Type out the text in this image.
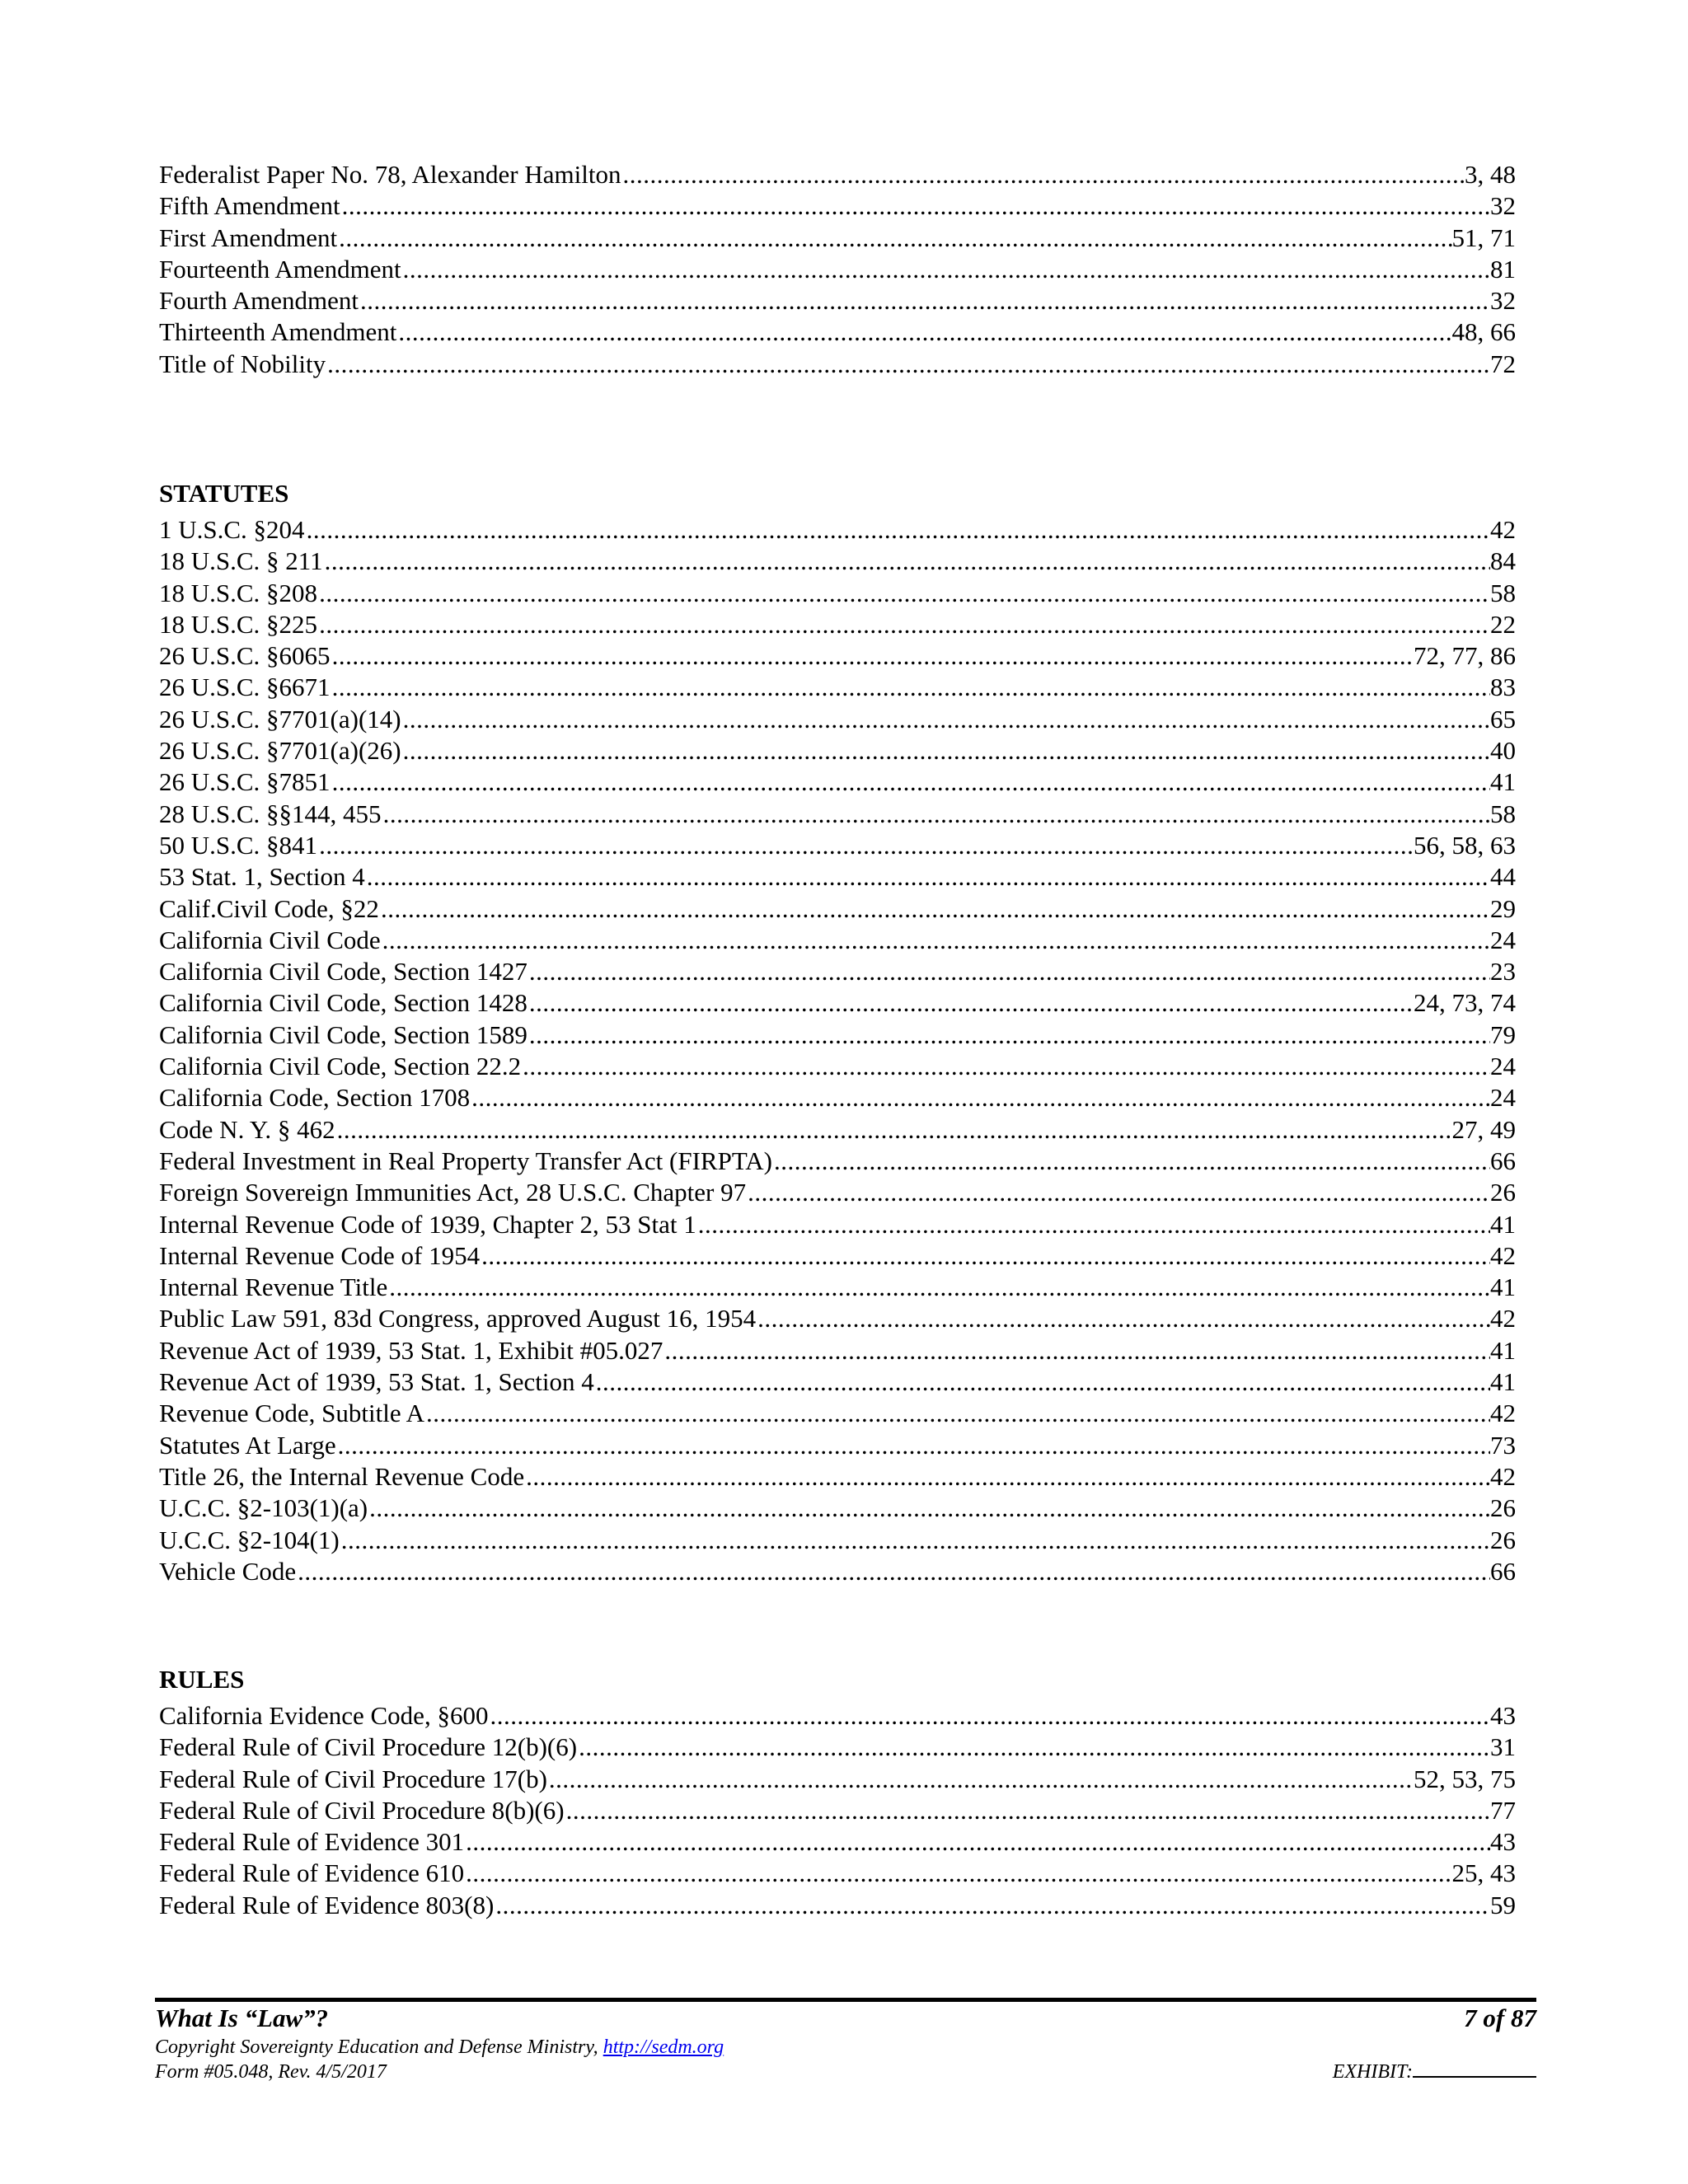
Federalist Paper No. 78, Alexander Hamilton .....	3, 48
Fifth Amendment .....	32
First Amendment .....	51, 71
Fourteenth Amendment .....	81
Fourth Amendment .....	32
Thirteenth Amendment .....	48, 66
Title of Nobility .....	72
STATUTES
1 U.S.C. §204 .....	42
18 U.S.C. § 211 .....	84
18 U.S.C. §208 .....	58
18 U.S.C. §225 .....	22
26 U.S.C. §6065 .....	72, 77, 86
26 U.S.C. §6671 .....	83
26 U.S.C. §7701(a)(14) .....	65
26 U.S.C. §7701(a)(26) .....	40
26 U.S.C. §7851 .....	41
28 U.S.C. §§144, 455 .....	58
50 U.S.C. §841 .....	56, 58, 63
53 Stat. 1, Section 4 .....	44
Calif.Civil Code, §22 .....	29
California Civil Code .....	24
California Civil Code, Section 1427 .....	23
California Civil Code, Section 1428 .....	24, 73, 74
California Civil Code, Section 1589 .....	79
California Civil Code, Section 22.2 .....	24
California Code, Section 1708 .....	24
Code N. Y. § 462 .....	27, 49
Federal Investment in Real Property Transfer Act (FIRPTA) .....	66
Foreign Sovereign Immunities Act, 28 U.S.C. Chapter 97 .....	26
Internal Revenue Code of 1939, Chapter 2, 53 Stat 1 .....	41
Internal Revenue Code of 1954 .....	42
Internal Revenue Title .....	41
Public Law 591, 83d Congress, approved August 16, 1954 .....	42
Revenue Act of 1939, 53 Stat. 1, Exhibit #05.027 .....	41
Revenue Act of 1939, 53 Stat. 1, Section 4 .....	41
Revenue Code, Subtitle A .....	42
Statutes At Large .....	73
Title 26, the Internal Revenue Code .....	42
U.C.C. §2-103(1)(a) .....	26
U.C.C. §2-104(1) .....	26
Vehicle Code .....	66
RULES
California Evidence Code, §600 .....	43
Federal Rule of Civil Procedure 12(b)(6) .....	31
Federal Rule of Civil Procedure 17(b) .....	52, 53, 75
Federal Rule of Civil Procedure 8(b)(6) .....	77
Federal Rule of Evidence 301 .....	43
Federal Rule of Evidence 610 .....	25, 43
Federal Rule of Evidence 803(8) .....	59
What Is “Law”?	7 of 87
Copyright Sovereignty Education and Defense Ministry, http://sedm.org
Form #05.048, Rev. 4/5/2017	EXHIBIT:
